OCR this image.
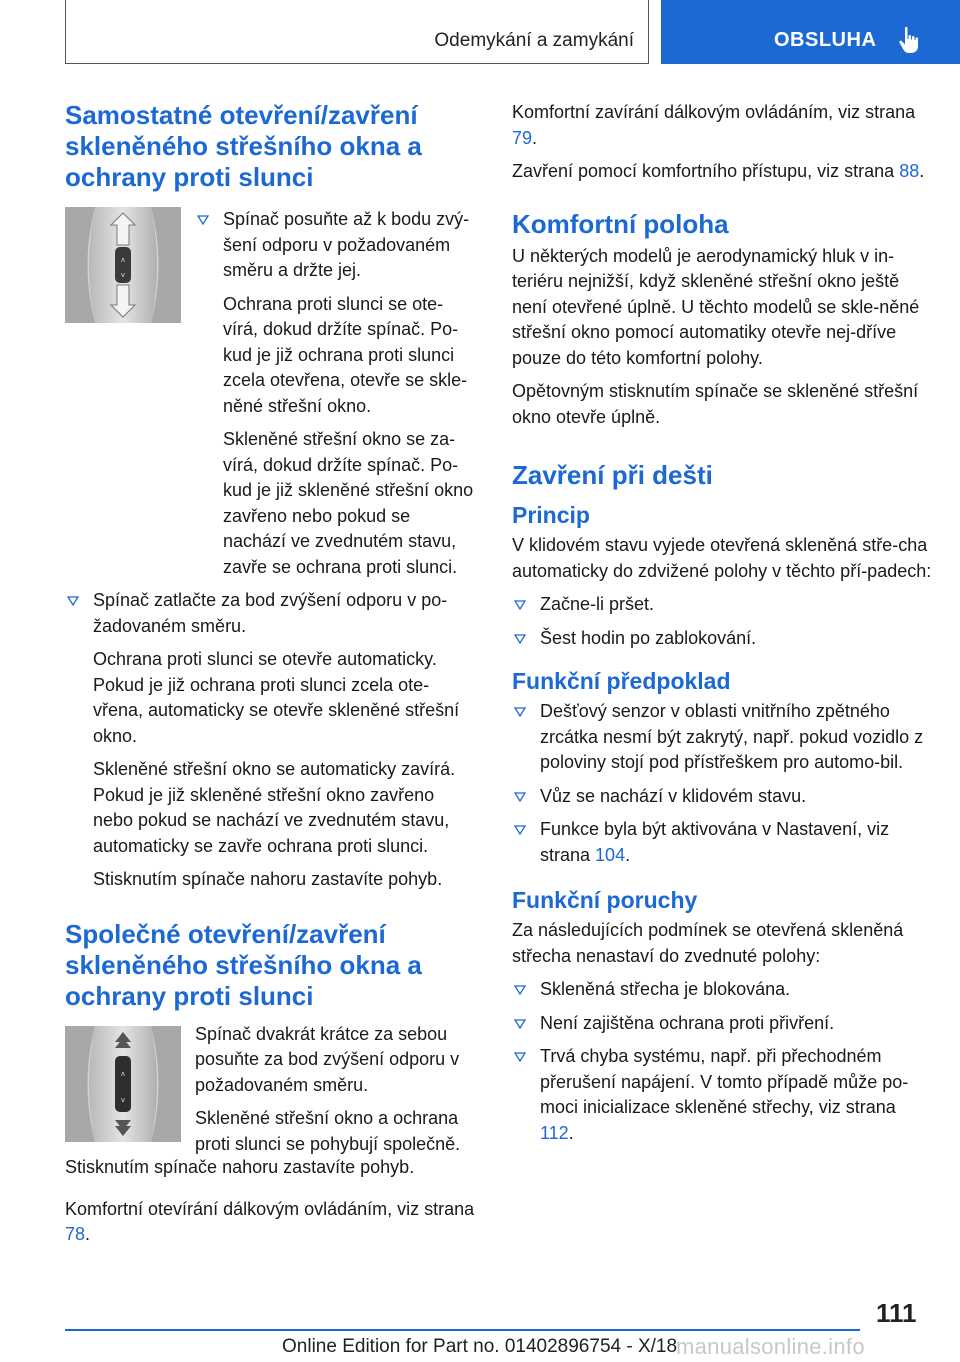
Odemykání a zamykání	OBSLUHA
Samostatné otevření/zavření skleněného střešního okna a ochrany proti slunci
ʌ
v
Spínač posuňte až k bodu zvý-šení odporu v požadovaném směru a držte jej.
Ochrana proti slunci se ote-vírá, dokud držíte spínač. Po-kud je již ochrana proti slunci zcela otevřena, otevře se skle-něné střešní okno.
Skleněné střešní okno se za-vírá, dokud držíte spínač. Po-kud je již skleněné střešní okno zavřeno nebo pokud se nachází ve zvednutém stavu, zavře se ochrana proti slunci.
Spínač zatlačte za bod zvýšení odporu v po-žadovaném směru.
Ochrana proti slunci se otevře automaticky. Pokud je již ochrana proti slunci zcela ote-vřena, automaticky se otevře skleněné střešní okno.
Skleněné střešní okno se automaticky zavírá. Pokud je již skleněné střešní okno zavřeno nebo pokud se nachází ve zvednutém stavu, automaticky se zavře ochrana proti slunci.
Stisknutím spínače nahoru zastavíte pohyb.
Společné otevření/zavření skleněného střešního okna a ochrany proti slunci
ʌ
v

Spínač dvakrát krátce za sebou posuňte za bod zvýšení odporu v požadovaném směru.

Skleněné střešní okno a ochrana proti slunci se pohybují společně.

Stisknutím spínače nahoru zastavíte pohyb.

Komfortní otevírání dálkovým ovládáním, viz strana 78.

Komfortní zavírání dálkovým ovládáním, viz strana 79.

Zavření pomocí komfortního přístupu, viz strana 88.

Komfortní poloha

U některých modelů je aerodynamický hluk v in-teriéru nejnižší, když skleněné střešní okno ještě není otevřené úplně. U těchto modelů se skle-něné střešní okno pomocí automatiky otevře nej-dříve pouze do této komfortní polohy.

Opětovným stisknutím spínače se skleněné střešní okno otevře úplně.

Zavření při dešti
Princip

V klidovém stavu vyjede otevřená skleněná stře-cha automaticky do zdvižené polohy v těchto pří-padech:

Začne-li pršet.
Šest hodin po zablokování.
Funkční předpoklad
Dešťový senzor v oblasti vnitřního zpětného zrcátka nesmí být zakrytý, např. pokud vozidlo z poloviny stojí pod přístřeškem pro automo-bil.
Vůz se nachází v klidovém stavu.
Funkce byla být aktivována v Nastavení, viz strana 104.
Funkční poruchy

Za následujících podmínek se otevřená skleněná střecha nenastaví do zvednuté polohy:

Skleněná střecha je blokována.
Není zajištěna ochrana proti přivření.
Trvá chyba systému, např. při přechodném přerušení napájení. V tomto případě může po-moci inicializace skleněné střechy, viz strana 112.
111
Online Edition for Part no. 01402896754 - X/18
manualsonline.info
